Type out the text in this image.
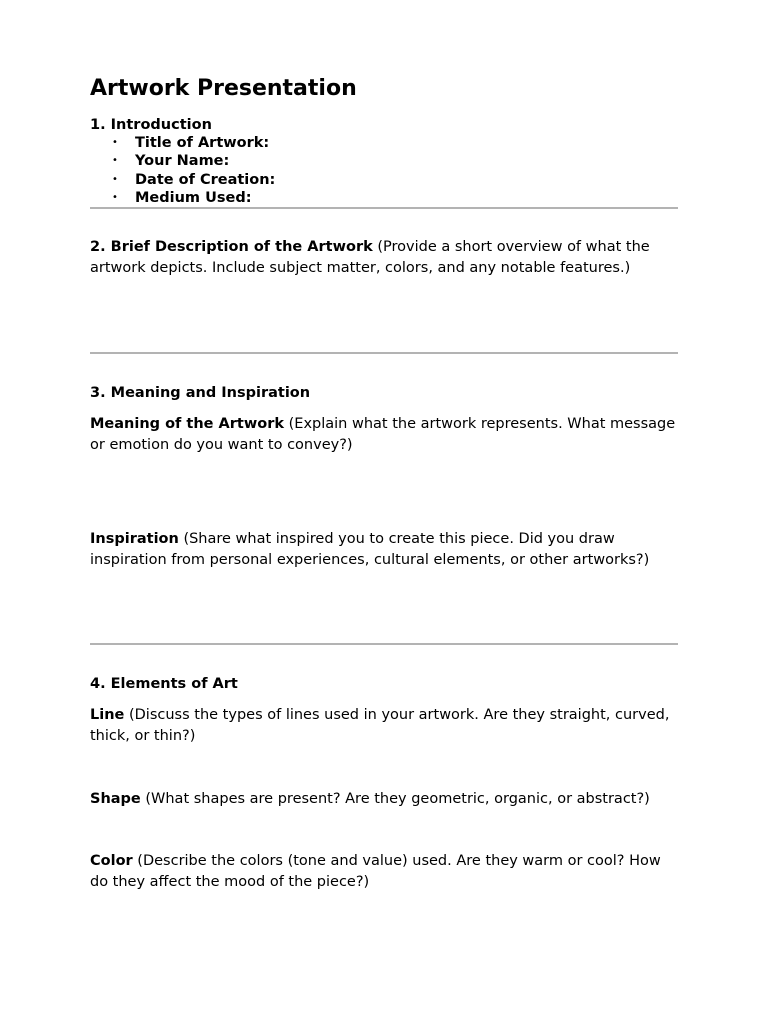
Artwork Presentation
1. Introduction
• Title of Artwork:
• Your Name:
• Date of Creation:
• Medium Used:

2. Brief Description of the Artwork (Provide a short overview of what the artwork depicts. Include subject matter, colors, and any notable features.)

3. Meaning and Inspiration

Meaning of the Artwork (Explain what the artwork represents. What message or emotion do you want to convey?)

Inspiration (Share what inspired you to create this piece. Did you draw inspiration from personal experiences, cultural elements, or other artworks?)

4. Elements of Art

Line (Discuss the types of lines used in your artwork. Are they straight, curved, thick, or thin?)

Shape (What shapes are present? Are they geometric, organic, or abstract?)

Color (Describe the colors (tone and value) used. Are they warm or cool? How do they affect the mood of the piece?)
